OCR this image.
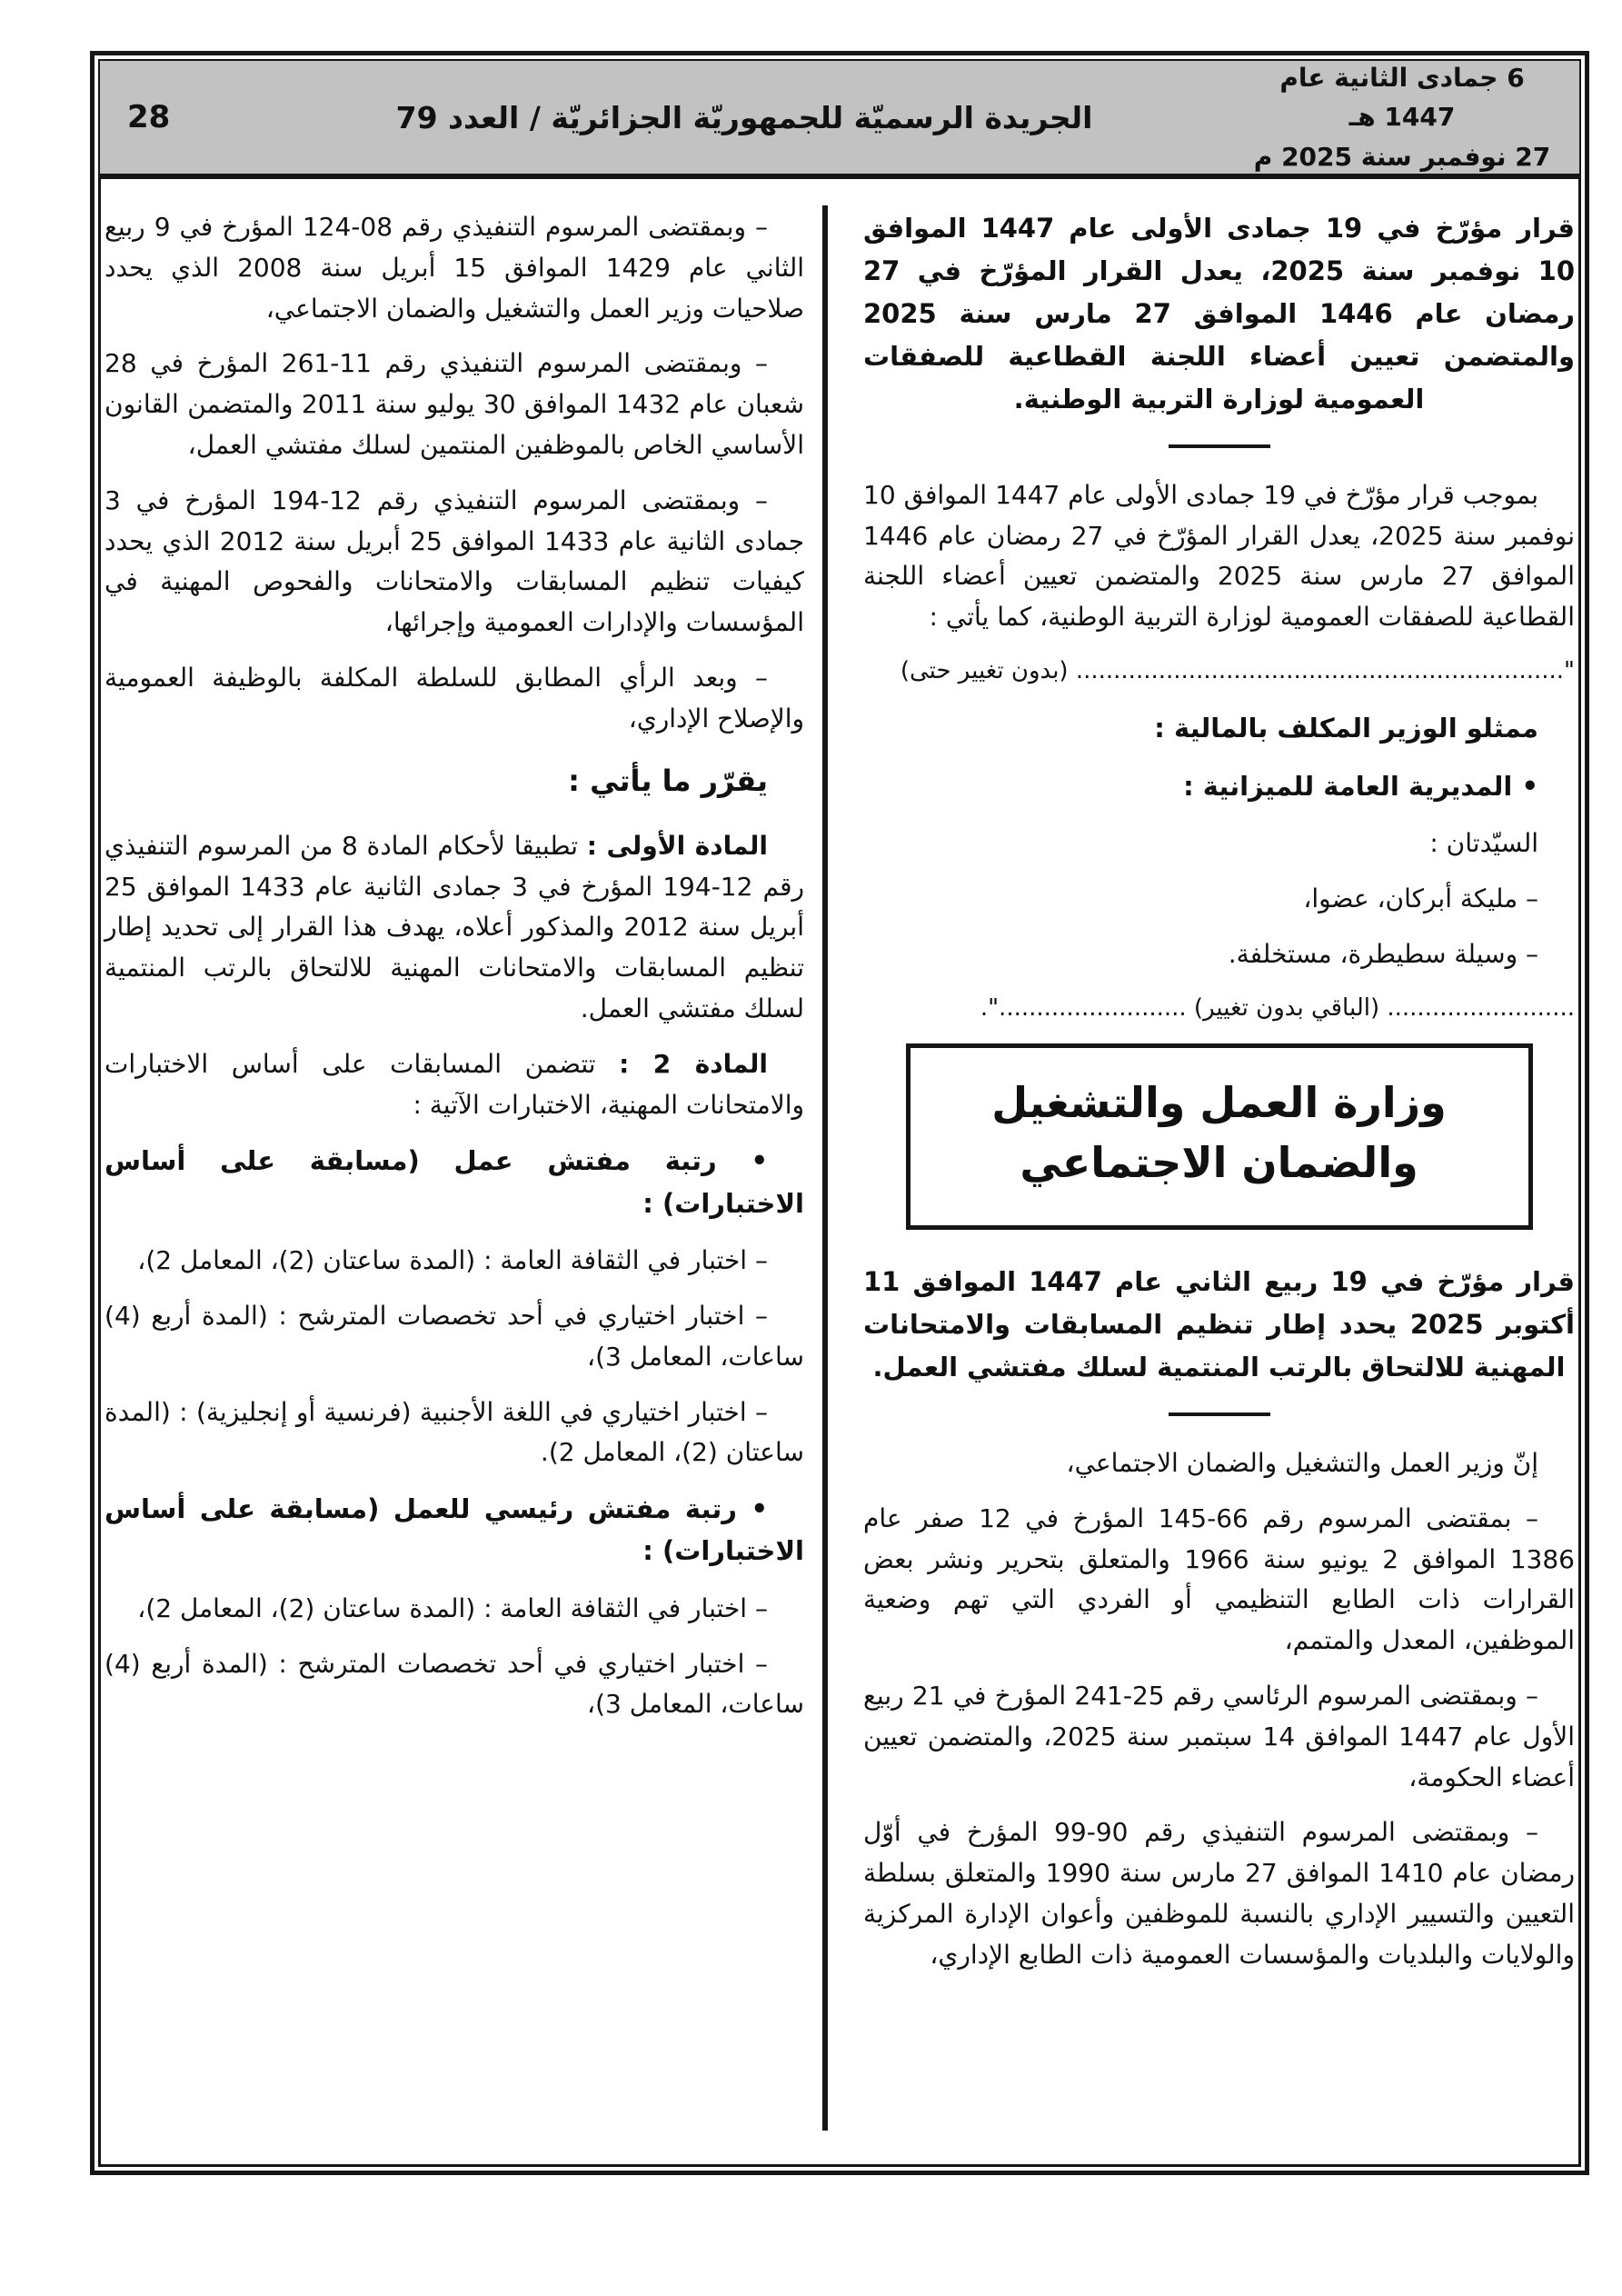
6 جمادى الثانية عام 1447 هـ
27 نوفمبر سنة 2025 م
الجريدة الرسميّة للجمهوريّة الجزائريّة / العدد 79
28
قرار مؤرّخ في 19 جمادى الأولى عام 1447 الموافق 10 نوفمبر سنة 2025، يعدل القرار المؤرّخ في 27 رمضان عام 1446 الموافق 27 مارس سنة 2025 والمتضمن تعيين أعضاء اللجنة القطاعية للصفقات العمومية لوزارة التربية الوطنية.
بموجب قرار مؤرّخ في 19 جمادى الأولى عام 1447 الموافق 10 نوفمبر سنة 2025، يعدل القرار المؤرّخ في 27 رمضان عام 1446 الموافق 27 مارس سنة 2025 والمتضمن تعيين أعضاء اللجنة القطاعية للصفقات العمومية لوزارة التربية الوطنية، كما يأتي :
"................................................................. (بدون تغيير حتى)
ممثلو الوزير المكلف بالمالية :
• المديرية العامة للميزانية :
السيّدتان :
– مليكة أبركان، عضوا،
– وسيلة سطيطرة، مستخلفة.
......................... (الباقي بدون تغيير) .........................".
وزارة العمل والتشغيل
والضمان الاجتماعي
قرار مؤرّخ في 19 ربيع الثاني عام 1447 الموافق 11 أكتوبر 2025 يحدد إطار تنظيم المسابقات والامتحانات المهنية للالتحاق بالرتب المنتمية لسلك مفتشي العمل.
إنّ وزير العمل والتشغيل والضمان الاجتماعي،
– بمقتضى المرسوم رقم 66-145 المؤرخ في 12 صفر عام 1386 الموافق 2 يونيو سنة 1966 والمتعلق بتحرير ونشر بعض القرارات ذات الطابع التنظيمي أو الفردي التي تهم وضعية الموظفين، المعدل والمتمم،
– وبمقتضى المرسوم الرئاسي رقم 25-241 المؤرخ في 21 ربيع الأول عام 1447 الموافق 14 سبتمبر سنة 2025، والمتضمن تعيين أعضاء الحكومة،
– وبمقتضى المرسوم التنفيذي رقم 90-99 المؤرخ في أوّل رمضان عام 1410 الموافق 27 مارس سنة 1990 والمتعلق بسلطة التعيين والتسيير الإداري بالنسبة للموظفين وأعوان الإدارة المركزية والولايات والبلديات والمؤسسات العمومية ذات الطابع الإداري،
– وبمقتضى المرسوم التنفيذي رقم 08-124 المؤرخ في 9 ربيع الثاني عام 1429 الموافق 15 أبريل سنة 2008 الذي يحدد صلاحيات وزير العمل والتشغيل والضمان الاجتماعي،
– وبمقتضى المرسوم التنفيذي رقم 11-261 المؤرخ في 28 شعبان عام 1432 الموافق 30 يوليو سنة 2011 والمتضمن القانون الأساسي الخاص بالموظفين المنتمين لسلك مفتشي العمل،
– وبمقتضى المرسوم التنفيذي رقم 12-194 المؤرخ في 3 جمادى الثانية عام 1433 الموافق 25 أبريل سنة 2012 الذي يحدد كيفيات تنظيم المسابقات والامتحانات والفحوص المهنية في المؤسسات والإدارات العمومية وإجرائها،
– وبعد الرأي المطابق للسلطة المكلفة بالوظيفة العمومية والإصلاح الإداري،
يقرّر ما يأتي :
المادة الأولى : تطبيقا لأحكام المادة 8 من المرسوم التنفيذي رقم 12-194 المؤرخ في 3 جمادى الثانية عام 1433 الموافق 25 أبريل سنة 2012 والمذكور أعلاه، يهدف هذا القرار إلى تحديد إطار تنظيم المسابقات والامتحانات المهنية للالتحاق بالرتب المنتمية لسلك مفتشي العمل.
المادة 2 : تتضمن المسابقات على أساس الاختبارات والامتحانات المهنية، الاختبارات الآتية :
• رتبة مفتش عمل (مسابقة على أساس الاختبارات) :
– اختبار في الثقافة العامة : (المدة ساعتان (2)، المعامل 2)،
– اختبار اختياري في أحد تخصصات المترشح : (المدة أربع (4) ساعات، المعامل 3)،
– اختبار اختياري في اللغة الأجنبية (فرنسية أو إنجليزية) : (المدة ساعتان (2)، المعامل 2).
• رتبة مفتش رئيسي للعمل (مسابقة على أساس الاختبارات) :
– اختبار في الثقافة العامة : (المدة ساعتان (2)، المعامل 2)،
– اختبار اختياري في أحد تخصصات المترشح : (المدة أربع (4) ساعات، المعامل 3)،
